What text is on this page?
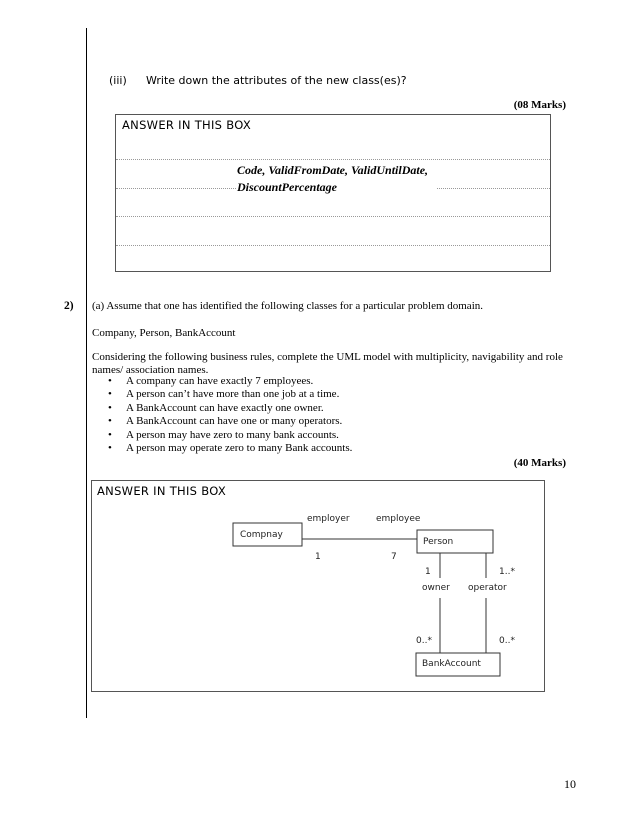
(iii) Write down the attributes of the new class(es)?
(08 Marks)
ANSWER IN THIS BOX
Code, ValidFromDate, ValidUntilDate,
DiscountPercentage
2) (a) Assume that one has identified the following classes for a particular problem domain.
Company, Person, BankAccount
Considering the following business rules, complete the UML model with multiplicity, navigability and role
names/ association names.
• A company can have exactly 7 employees.
• A person can’t have more than one job at a time.
• A BankAccount can have exactly one owner.
• A BankAccount can have one or many operators.
• A person may have zero to many bank accounts.
• A person may operate zero to many Bank accounts.
(40 Marks)
ANSWER IN THIS BOX
Compnay
Person
BankAccount
employer	employee
1	7
1	1..*
owner operator
0..*	0..*
10
